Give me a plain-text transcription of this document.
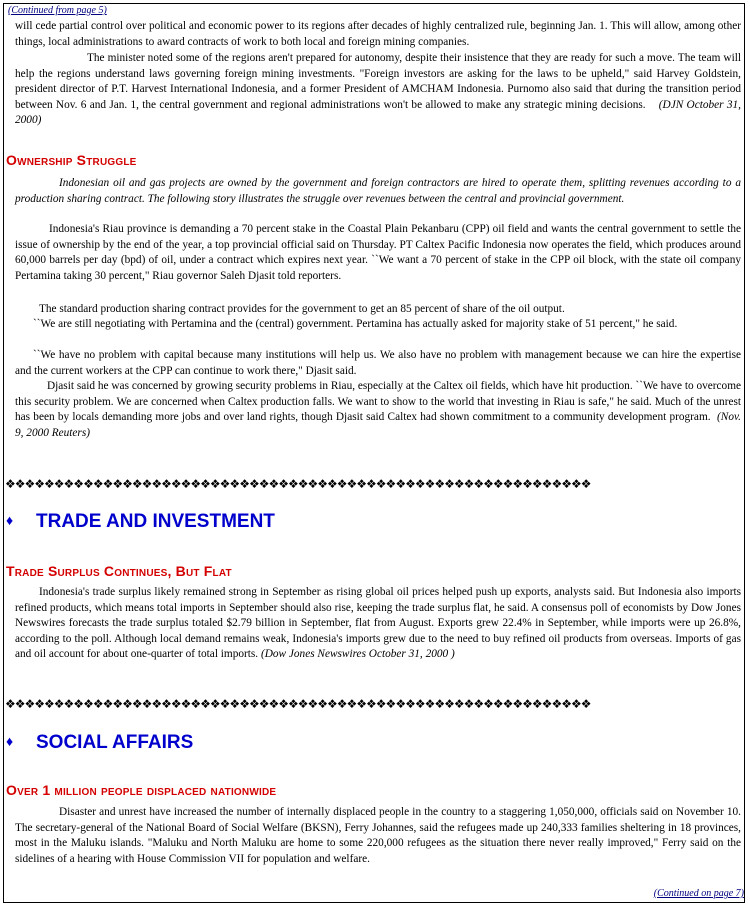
(Continued from page 5)

will cede partial control over political and economic power to its regions after decades of highly centralized rule, beginning Jan. 1. This will allow, among other things, local administrations to award contracts of work to both local and foreign mining companies.

The minister noted some of the regions aren't prepared for autonomy, despite their insistence that they are ready for such a move. The team will help the regions understand laws governing foreign mining investments. "Foreign investors are asking for the laws to be upheld," said Harvey Goldstein, president director of P.T. Harvest International Indonesia, and a former President of AMCHAM Indonesia. Purnomo also said that during the transition period between Nov. 6 and Jan. 1, the central government and regional administrations won't be allowed to make any strategic mining decisions. (DJN October 31, 2000)

Ownership Struggle

Indonesian oil and gas projects are owned by the government and foreign contractors are hired to operate them, splitting revenues according to a production sharing contract. The following story illustrates the struggle over revenues between the central and provincial government.

Indonesia's Riau province is demanding a 70 percent stake in the Coastal Plain Pekanbaru (CPP) oil field and wants the central government to settle the issue of ownership by the end of the year, a top provincial official said on Thursday. PT Caltex Pacific Indonesia now operates the field, which produces around 60,000 barrels per day (bpd) of oil, under a contract which expires next year. ``We want a 70 percent of stake in the CPP oil block, with the state oil company Pertamina taking 30 percent," Riau governor Saleh Djasit told reporters.

The standard production sharing contract provides for the government to get an 85 percent of share of the oil output.

``We are still negotiating with Pertamina and the (central) government. Pertamina has actually asked for majority stake of 51 percent," he said.

``We have no problem with capital because many institutions will help us. We also have no problem with management because we can hire the expertise and the current workers at the CPP can continue to work there," Djasit said.

Djasit said he was concerned by growing security problems in Riau, especially at the Caltex oil fields, which have hit production. ``We have to overcome this security problem. We are concerned when Caltex production falls. We want to show to the world that investing in Riau is safe," he said. Much of the unrest has been by locals demanding more jobs and over land rights, though Djasit said Caltex had shown commitment to a community development program. (Nov. 9, 2000 Reuters)

❖❖❖❖❖❖❖❖❖❖❖❖❖❖❖❖❖❖❖❖❖❖❖❖❖❖❖❖❖❖❖❖❖❖❖❖❖❖❖❖❖❖❖❖❖❖❖❖❖❖❖❖❖❖❖❖❖❖❖❖
♦ TRADE AND INVESTMENT
Trade Surplus Continues, But Flat

Indonesia's trade surplus likely remained strong in September as rising global oil prices helped push up exports, analysts said. But Indonesia also imports refined products, which means total imports in September should also rise, keeping the trade surplus flat, he said. A consensus poll of economists by Dow Jones Newswires forecasts the trade surplus totaled $2.79 billion in September, flat from August. Exports grew 22.4% in September, while imports were up 26.8%, according to the poll. Although local demand remains weak, Indonesia's imports grew due to the need to buy refined oil products from overseas. Imports of gas and oil account for about one-quarter of total imports. (Dow Jones Newswires October 31, 2000 )

❖❖❖❖❖❖❖❖❖❖❖❖❖❖❖❖❖❖❖❖❖❖❖❖❖❖❖❖❖❖❖❖❖❖❖❖❖❖❖❖❖❖❖❖❖❖❖❖❖❖❖❖❖❖❖❖❖❖❖❖
♦ SOCIAL AFFAIRS
Over 1 million people displaced nationwide

Disaster and unrest have increased the number of internally displaced people in the country to a staggering 1,050,000, officials said on November 10. The secretary-general of the National Board of Social Welfare (BKSN), Ferry Johannes, said the refugees made up 240,333 families sheltering in 18 provinces, most in the Maluku islands. "Maluku and North Maluku are home to some 220,000 refugees as the situation there never really improved," Ferry said on the sidelines of a hearing with House Commission VII for population and welfare.

(Continued on page 7)
